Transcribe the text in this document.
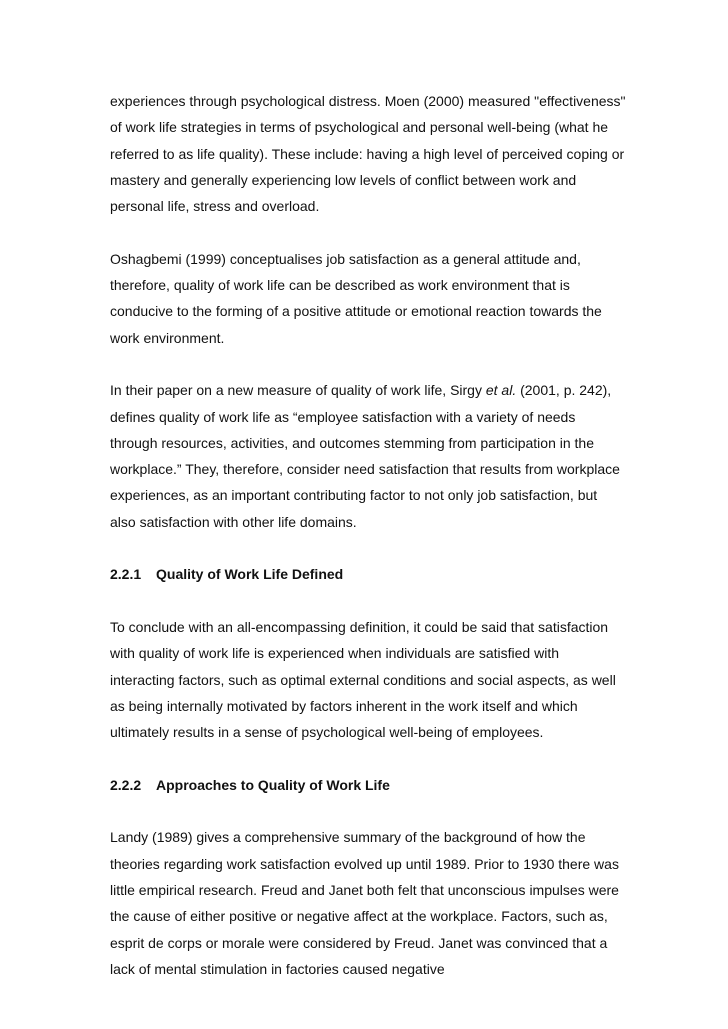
experiences through psychological distress. Moen (2000) measured "effectiveness" of work life strategies in terms of psychological and personal well-being (what he referred to as life quality). These include: having a high level of perceived coping or mastery and generally experiencing low levels of conflict between work and personal life, stress and overload.

Oshagbemi (1999) conceptualises job satisfaction as a general attitude and, therefore, quality of work life can be described as work environment that is conducive to the forming of a positive attitude or emotional reaction towards the work environment.

In their paper on a new measure of quality of work life, Sirgy et al. (2001, p. 242), defines quality of work life as “employee satisfaction with a variety of needs through resources, activities, and outcomes stemming from participation in the workplace.” They, therefore, consider need satisfaction that results from workplace experiences, as an important contributing factor to not only job satisfaction, but also satisfaction with other life domains.

2.2.1	Quality of Work Life Defined

To conclude with an all-encompassing definition, it could be said that satisfaction with quality of work life is experienced when individuals are satisfied with interacting factors, such as optimal external conditions and social aspects, as well as being internally motivated by factors inherent in the work itself and which ultimately results in a sense of psychological well-being of employees.

2.2.2	Approaches to Quality of Work Life

Landy (1989) gives a comprehensive summary of the background of how the theories regarding work satisfaction evolved up until 1989. Prior to 1930 there was little empirical research. Freud and Janet both felt that unconscious impulses were the cause of either positive or negative affect at the workplace. Factors, such as, esprit de corps or morale were considered by Freud. Janet was convinced that a lack of mental stimulation in factories caused negative
